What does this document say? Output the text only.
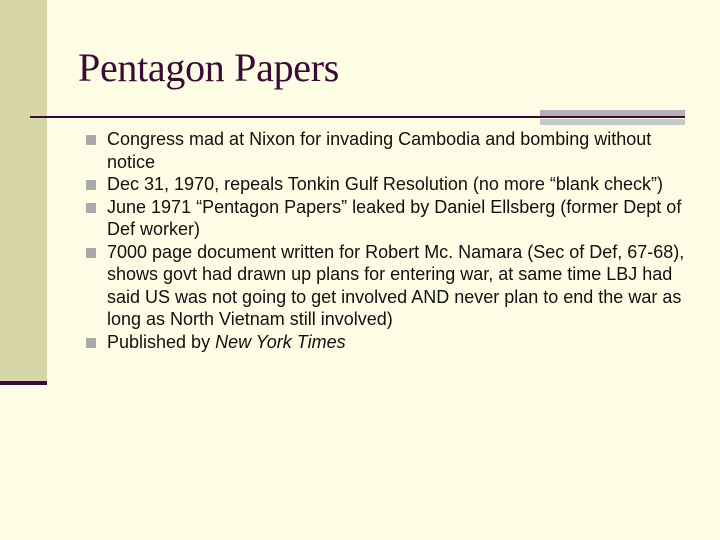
Pentagon Papers
Congress mad at Nixon for invading Cambodia and bombing without notice
Dec 31, 1970, repeals Tonkin Gulf Resolution (no more “blank check”)
June 1971 “Pentagon Papers” leaked by Daniel Ellsberg (former Dept of Def worker)
7000 page document written for Robert Mc. Namara (Sec of Def, 67-68), shows govt had drawn up plans for entering war, at same time LBJ had said US was not going to get involved AND never plan to end the war as long as North Vietnam still involved)
Published by New York Times
